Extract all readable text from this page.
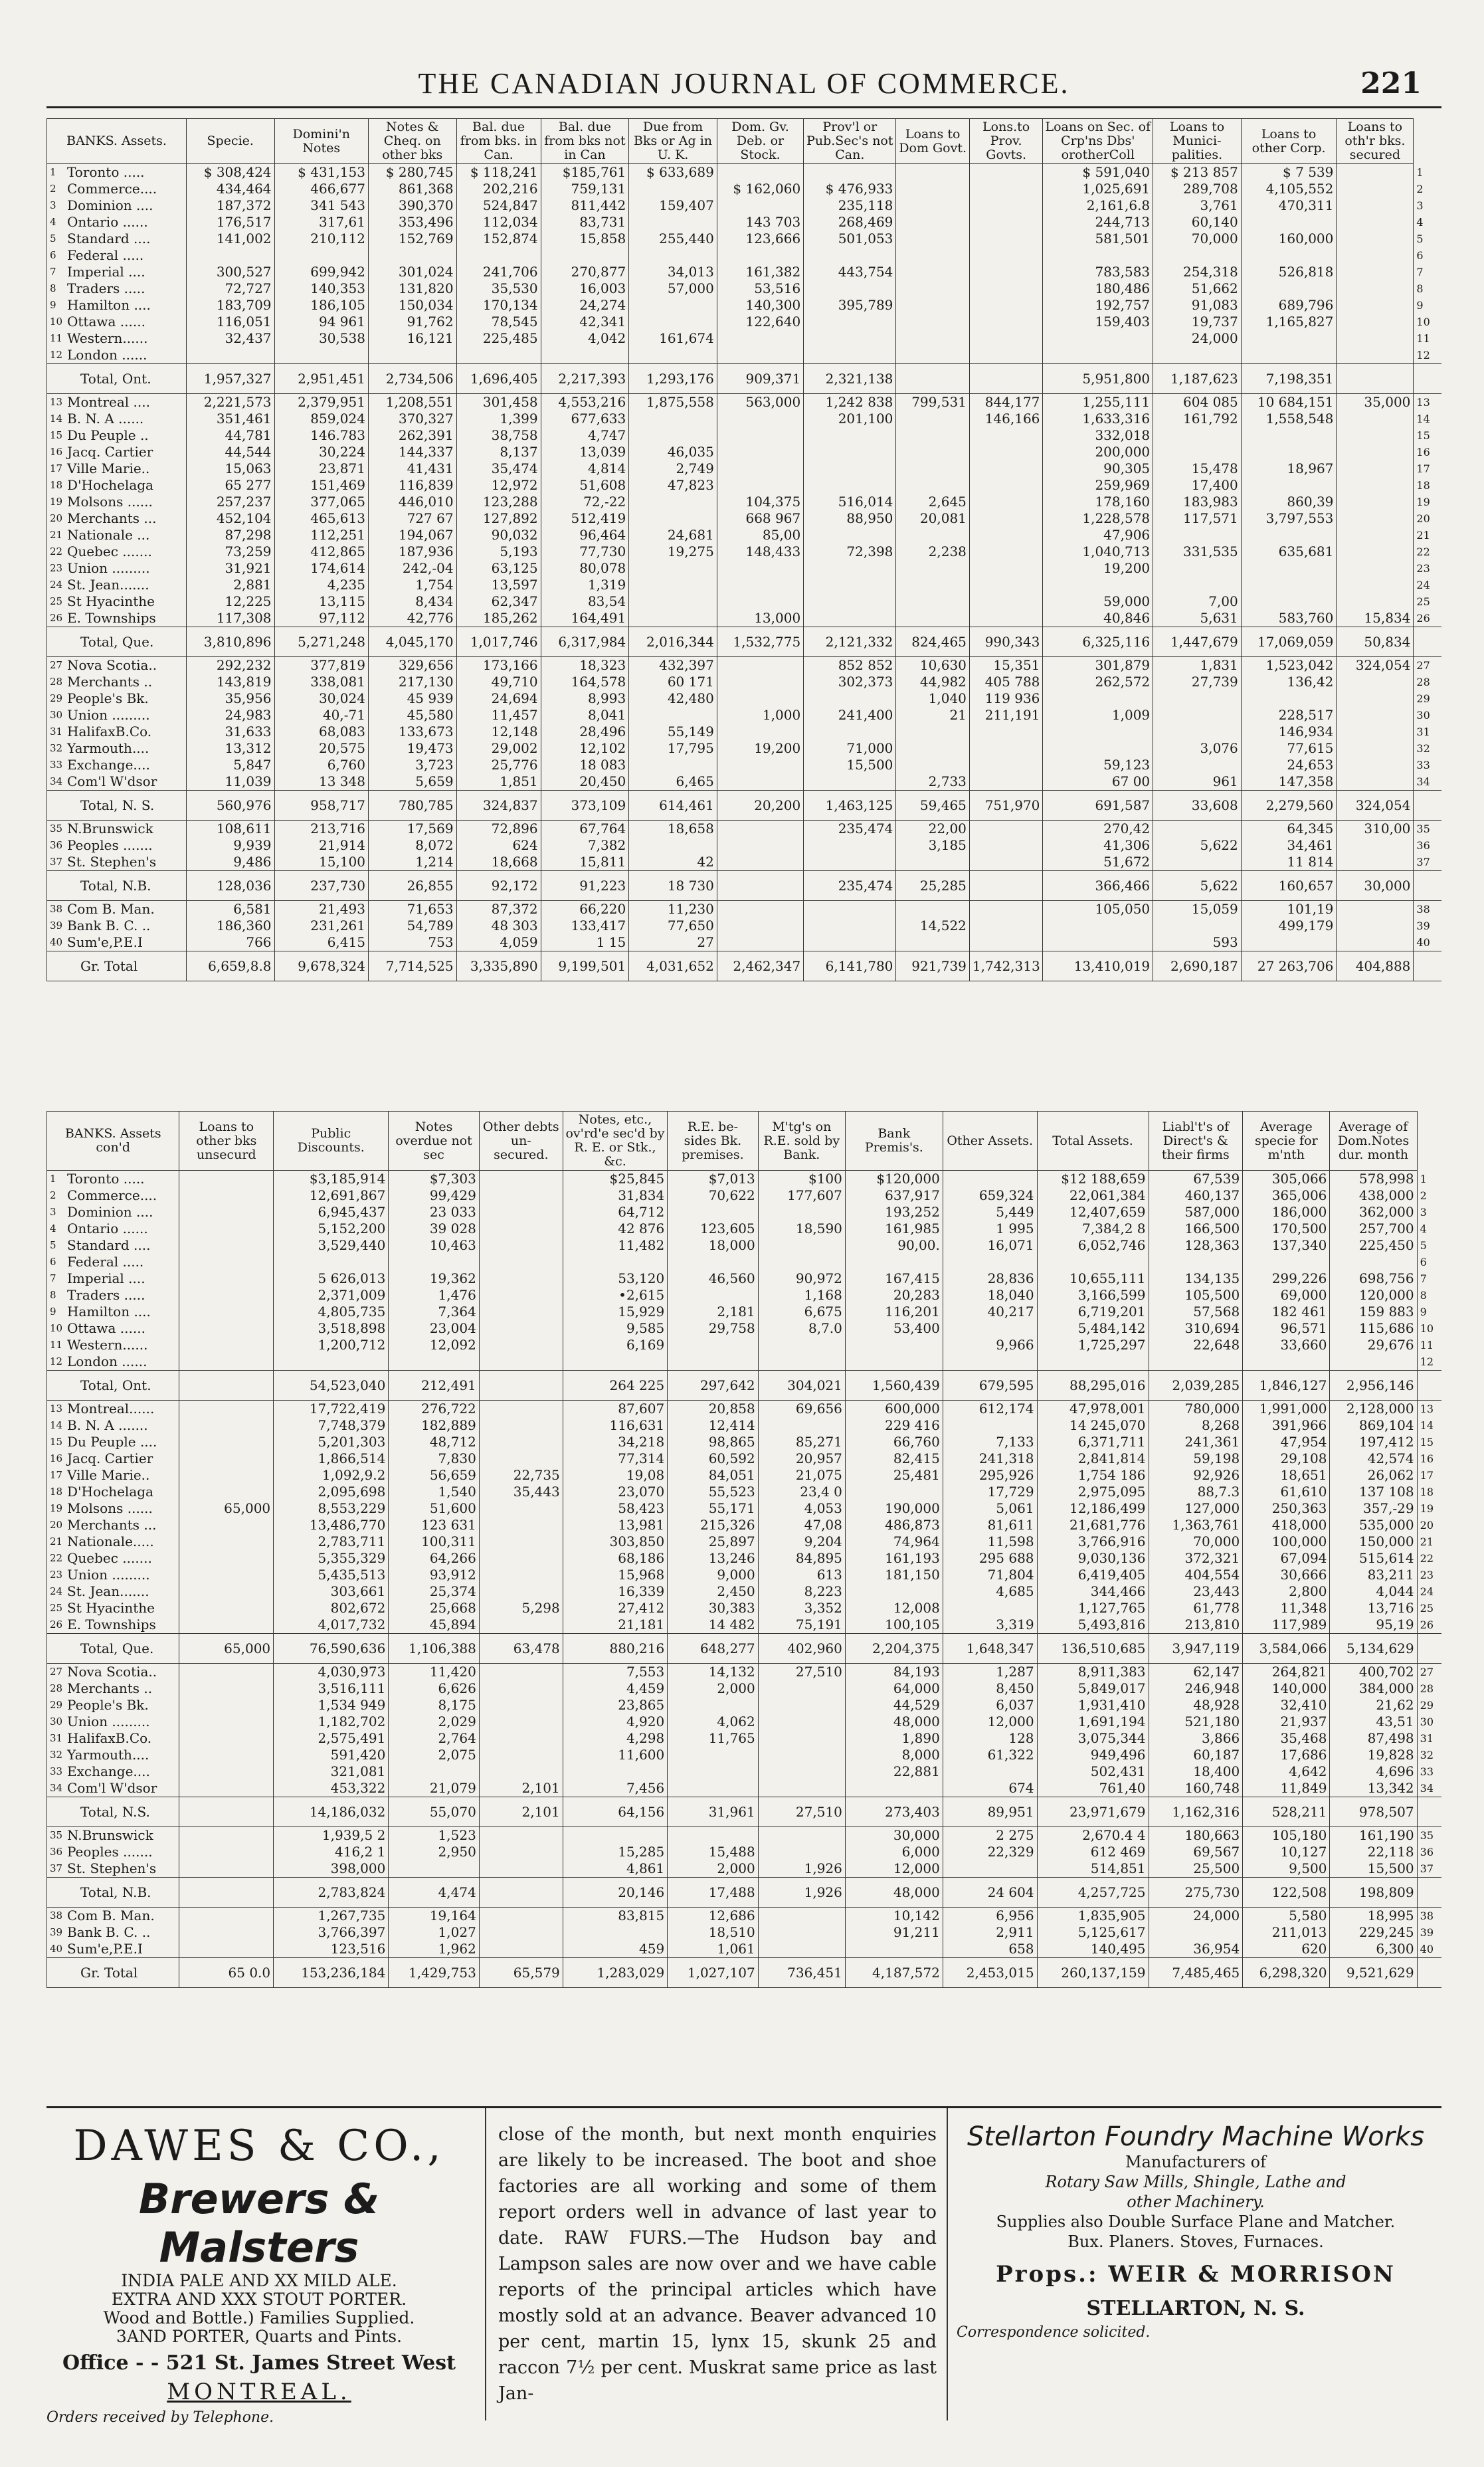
THE CANADIAN JOURNAL OF COMMERCE.	221
BANKS. Assets.	Specie.	Domini'n Notes	Notes & Cheq. on other bks	Bal. due from bks. in Can.	Bal. due from bks not in Can	Due from Bks or Ag in U. K.	Dom. Gv. Deb. or Stock.	Prov'l or Pub.Sec's not Can.	Loans to Dom Govt.	Lons.to Prov. Govts.	Loans on Sec. of Crp'ns Dbs' orotherColl	Loans to Munici- palities.	Loans to other Corp.	Loans to oth'r bks. secured	

1 Toronto .....	$ 308,424	$ 431,153	$ 280,745	$ 118,241	$185,761	$ 633,689					$ 591,040	$ 213 857	$ 7 539		1

2 Commerce....	434,464	466,677	861,368	202,216	759,131		$ 162,060	$ 476,933			1,025,691	289,708	4,105,552		2

3 Dominion ....	187,372	341 543	390,370	524,847	811,442	159,407		235,118			2,161,6.8	3,761	470,311		3

4 Ontario ......	176,517	317,61	353,496	112,034	83,731		143 703	268,469			244,713	60,140			4

5 Standard ....	141,002	210,112	152,769	152,874	15,858	255,440	123,666	501,053			581,501	70,000	160,000		5

6 Federal .....															6

7 Imperial ....	300,527	699,942	301,024	241,706	270,877	34,013	161,382	443,754			783,583	254,318	526,818		7

8 Traders .....	72,727	140,353	131,820	35,530	16,003	57,000	53,516				180,486	51,662			8

9 Hamilton ....	183,709	186,105	150,034	170,134	24,274		140,300	395,789			192,757	91,083	689,796		9

10 Ottawa ......	116,051	94 961	91,762	78,545	42,341		122,640				159,403	19,737	1,165,827		10

11 Western......	32,437	30,538	16,121	225,485	4,042	161,674						24,000			11

12 London ......															12
Total, Ont.	1,957,327	2,951,451	2,734,506	1,696,405	2,217,393	1,293,176	909,371	2,321,138			5,951,800	1,187,623	7,198,351		

13 Montreal ....	2,221,573	2,379,951	1,208,551	301,458	4,553,216	1,875,558	563,000	1,242 838	799,531	844,177	1,255,111	604 085	10 684,151	35,000	13

14 B. N. A ......	351,461	859,024	370,327	1,399	677,633			201,100		146,166	1,633,316	161,792	1,558,548		14

15 Du Peuple ..	44,781	146.783	262,391	38,758	4,747						332,018				15

16 Jacq. Cartier	44,544	30,224	144,337	8,137	13,039	46,035					200,000				16

17 Ville Marie..	15,063	23,871	41,431	35,474	4,814	2,749					90,305	15,478	18,967		17

18 D'Hochelaga	65 277	151,469	116,839	12,972	51,608	47,823					259,969	17,400			18

19 Molsons ......	257,237	377,065	446,010	123,288	72,-22		104,375	516,014	2,645		178,160	183,983	860,39		19

20 Merchants ...	452,104	465,613	727 67	127,892	512,419		668 967	88,950	20,081		1,228,578	117,571	3,797,553		20

21 Nationale ...	87,298	112,251	194,067	90,032	96,464	24,681	85,00				47,906				21

22 Quebec .......	73,259	412,865	187,936	5,193	77,730	19,275	148,433	72,398	2,238		1,040,713	331,535	635,681		22

23 Union .........	31,921	174,614	242,-04	63,125	80,078						19,200				23

24 St. Jean.......	2,881	4,235	1,754	13,597	1,319										24

25 St Hyacinthe	12,225	13,115	8,434	62,347	83,54						59,000	7,00			25

26 E. Townships	117,308	97,112	42,776	185,262	164,491		13,000				40,846	5,631	583,760	15,834	26
Total, Que.	3,810,896	5,271,248	4,045,170	1,017,746	6,317,984	2,016,344	1,532,775	2,121,332	824,465	990,343	6,325,116	1,447,679	17,069,059	50,834	

27 Nova Scotia..	292,232	377,819	329,656	173,166	18,323	432,397		852 852	10,630	15,351	301,879	1,831	1,523,042	324,054	27

28 Merchants ..	143,819	338,081	217,130	49,710	164,578	60 171		302,373	44,982	405 788	262,572	27,739	136,42		28

29 People's Bk.	35,956	30,024	45 939	24,694	8,993	42,480			1,040	119 936					29

30 Union .........	24,983	40,-71	45,580	11,457	8,041		1,000	241,400	21	211,191	1,009		228,517		30

31 HalifaxB.Co.	31,633	68,083	133,673	12,148	28,496	55,149							146,934		31

32 Yarmouth....	13,312	20,575	19,473	29,002	12,102	17,795	19,200	71,000				3,076	77,615		32

33 Exchange....	5,847	6,760	3,723	25,776	18 083			15,500			59,123		24,653		33

34 Com'l W'dsor	11,039	13 348	5,659	1,851	20,450	6,465			2,733		67 00	961	147,358		34
Total, N. S.	560,976	958,717	780,785	324,837	373,109	614,461	20,200	1,463,125	59,465	751,970	691,587	33,608	2,279,560	324,054	

35 N.Brunswick	108,611	213,716	17,569	72,896	67,764	18,658		235,474	22,00		270,42		64,345	310,00	35

36 Peoples .......	9,939	21,914	8,072	624	7,382				3,185		41,306	5,622	34,461		36

37 St. Stephen's	9,486	15,100	1,214	18,668	15,811	42					51,672		11 814		37
Total, N.B.	128,036	237,730	26,855	92,172	91,223	18 730		235,474	25,285		366,466	5,622	160,657	30,000	

38 Com B. Man.	6,581	21,493	71,653	87,372	66,220	11,230					105,050	15,059	101,19		38

39 Bank B. C. ..	186,360	231,261	54,789	48 303	133,417	77,650			14,522				499,179		39

40 Sum'e,P.E.I	766	6,415	753	4,059	1 15	27						593			40
Gr. Total	6,659,8.8	9,678,324	7,714,525	3,335,890	9,199,501	4,031,652	2,462,347	6,141,780	921,739	1,742,313	13,410,019	2,690,187	27 263,706	404,888	
BANKS. Assets con'd	Loans to other bks unsecurd	Public Discounts.	Notes overdue not sec	Other debts un- secured.	Notes, etc., ov'rd'e sec'd by R. E. or Stk., &c.	R.E. be- sides Bk. premises.	M'tg's on R.E. sold by Bank.	Bank Premis's.	Other Assets.	Total Assets.	Liabl't's of Direct's & their firms	Average specie for m'nth	Average of Dom.Notes dur. month	

1 Toronto .....		$3,185,914	$7,303		$25,845	$7,013	$100	$120,000		$12 188,659	67,539	305,066	578,998	1

2 Commerce....		12,691,867	99,429		31,834	70,622	177,607	637,917	659,324	22,061,384	460,137	365,006	438,000	2

3 Dominion ....		6,945,437	23 033		64,712			193,252	5,449	12,407,659	587,000	186,000	362,000	3

4 Ontario ......		5,152,200	39 028		42 876	123,605	18,590	161,985	1 995	7,384,2 8	166,500	170,500	257,700	4

5 Standard ....		3,529,440	10,463		11,482	18,000		90,00.	16,071	6,052,746	128,363	137,340	225,450	5

6 Federal .....														6

7 Imperial ....		5 626,013	19,362		53,120	46,560	90,972	167,415	28,836	10,655,111	134,135	299,226	698,756	7

8 Traders .....		2,371,009	1,476		•2,615		1,168	20,283	18,040	3,166,599	105,500	69,000	120,000	8

9 Hamilton ....		4,805,735	7,364		15,929	2,181	6,675	116,201	40,217	6,719,201	57,568	182 461	159 883	9

10 Ottawa ......		3,518,898	23,004		9,585	29,758	8,7.0	53,400		5,484,142	310,694	96,571	115,686	10

11 Western......		1,200,712	12,092		6,169				9,966	1,725,297	22,648	33,660	29,676	11

12 London ......														12
Total, Ont.		54,523,040	212,491		264 225	297,642	304,021	1,560,439	679,595	88,295,016	2,039,285	1,846,127	2,956,146	

13 Montreal......		17,722,419	276,722		87,607	20,858	69,656	600,000	612,174	47,978,001	780,000	1,991,000	2,128,000	13

14 B. N. A .......		7,748,379	182,889		116,631	12,414		229 416		14 245,070	8,268	391,966	869,104	14

15 Du Peuple ....		5,201,303	48,712		34,218	98,865	85,271	66,760	7,133	6,371,711	241,361	47,954	197,412	15

16 Jacq. Cartier		1,866,514	7,830		77,314	60,592	20,957	82,415	241,318	2,841,814	59,198	29,108	42,574	16

17 Ville Marie..		1,092,9.2	56,659	22,735	19,08	84,051	21,075	25,481	295,926	1,754 186	92,926	18,651	26,062	17

18 D'Hochelaga		2,095,698	1,540	35,443	23,070	55,523	23,4 0		17,729	2,975,095	88,7.3	61,610	137 108	18

19 Molsons ......	65,000	8,553,229	51,600		58,423	55,171	4,053	190,000	5,061	12,186,499	127,000	250,363	357,-29	19

20 Merchants ...		13,486,770	123 631		13,981	215,326	47,08	486,873	81,611	21,681,776	1,363,761	418,000	535,000	20

21 Nationale.....		2,783,711	100,311		303,850	25,897	9,204	74,964	11,598	3,766,916	70,000	100,000	150,000	21

22 Quebec .......		5,355,329	64,266		68,186	13,246	84,895	161,193	295 688	9,030,136	372,321	67,094	515,614	22

23 Union .........		5,435,513	93,912		15,968	9,000	613	181,150	71,804	6,419,405	404,554	30,666	83,211	23

24 St. Jean.......		303,661	25,374		16,339	2,450	8,223		4,685	344,466	23,443	2,800	4,044	24

25 St Hyacinthe		802,672	25,668	5,298	27,412	30,383	3,352	12,008		1,127,765	61,778	11,348	13,716	25

26 E. Townships		4,017,732	45,894		21,181	14 482	75,191	100,105	3,319	5,493,816	213,810	117,989	95,19	26
Total, Que.	65,000	76,590,636	1,106,388	63,478	880,216	648,277	402,960	2,204,375	1,648,347	136,510,685	3,947,119	3,584,066	5,134,629	

27 Nova Scotia..		4,030,973	11,420		7,553	14,132	27,510	84,193	1,287	8,911,383	62,147	264,821	400,702	27

28 Merchants ..		3,516,111	6,626		4,459	2,000		64,000	8,450	5,849,017	246,948	140,000	384,000	28

29 People's Bk.		1,534 949	8,175		23,865			44,529	6,037	1,931,410	48,928	32,410	21,62	29

30 Union .........		1,182,702	2,029		4,920	4,062		48,000	12,000	1,691,194	521,180	21,937	43,51	30

31 HalifaxB.Co.		2,575,491	2,764		4,298	11,765		1,890	128	3,075,344	3,866	35,468	87,498	31

32 Yarmouth....		591,420	2,075		11,600			8,000	61,322	949,496	60,187	17,686	19,828	32

33 Exchange....		321,081						22,881		502,431	18,400	4,642	4,696	33

34 Com'l W'dsor		453,322	21,079	2,101	7,456				674	761,40	160,748	11,849	13,342	34
Total, N.S.		14,186,032	55,070	2,101	64,156	31,961	27,510	273,403	89,951	23,971,679	1,162,316	528,211	978,507	

35 N.Brunswick		1,939,5 2	1,523					30,000	2 275	2,670.4 4	180,663	105,180	161,190	35

36 Peoples .......		416,2 1	2,950		15,285	15,488		6,000	22,329	612 469	69,567	10,127	22,118	36

37 St. Stephen's		398,000			4,861	2,000	1,926	12,000		514,851	25,500	9,500	15,500	37
Total, N.B.		2,783,824	4,474		20,146	17,488	1,926	48,000	24 604	4,257,725	275,730	122,508	198,809	

38 Com B. Man.		1,267,735	19,164		83,815	12,686		10,142	6,956	1,835,905	24,000	5,580	18,995	38

39 Bank B. C. ..		3,766,397	1,027			18,510		91,211	2,911	5,125,617		211,013	229,245	39

40 Sum'e,P.E.I		123,516	1,962		459	1,061			658	140,495	36,954	620	6,300	40
Gr. Total	65 0.0	153,236,184	1,429,753	65,579	1,283,029	1,027,107	736,451	4,187,572	2,453,015	260,137,159	7,485,465	6,298,320	9,521,629	
DAWES & CO.,
Brewers & Malsters
INDIA PALE AND XX MILD ALE.
EXTRA AND XXX STOUT PORTER.
Wood and Bottle.) Families Supplied.
3AND PORTER, Quarts and Pints.
Office - - 521 St. James Street West
MONTREAL.
Orders received by Telephone.
close of the month, but next month enquiries are likely to be increased. The boot and shoe factories are all working and some of them report orders well in advance of last year to date. RAW FURS.—The Hudson bay and Lampson sales are now over and we have cable reports of the principal articles which have mostly sold at an advance. Beaver advanced 10 per cent, martin 15, lynx 15, skunk 25 and raccon 7½ per cent. Muskrat same price as last Jan-
Stellarton Foundry Machine Works
Manufacturers of
Rotary Saw Mills, Shingle, Lathe and
other Machinery.
Supplies also Double Surface Plane and Matcher.
Bux. Planers. Stoves, Furnaces.
Props.: WEIR & MORRISON
STELLARTON, N. S.
Correspondence solicited.
